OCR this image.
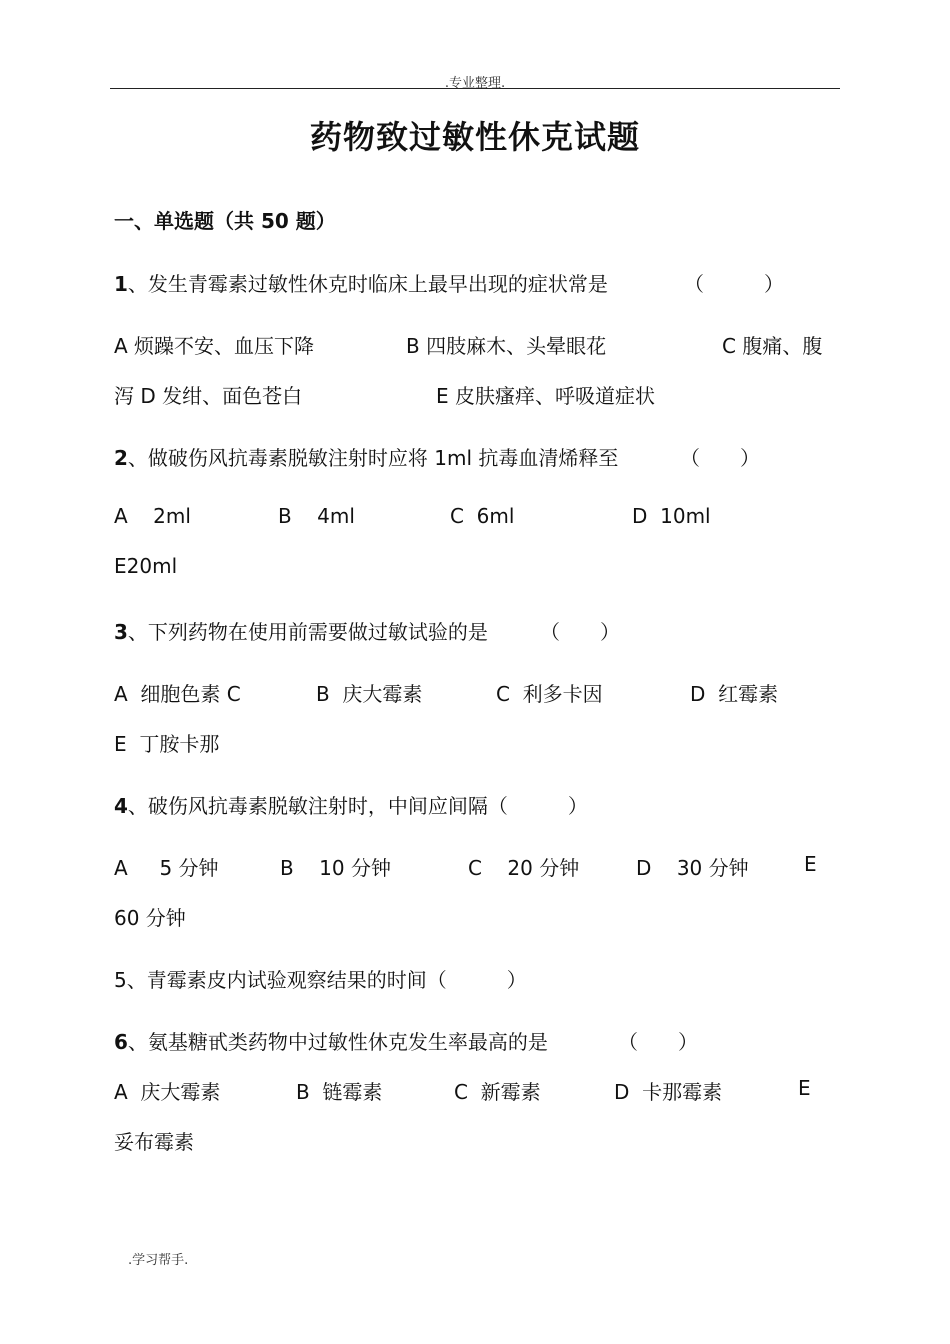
.专业整理.
药物致过敏性休克试题
一、单选题（共 50 题）
1、发生青霉素过敏性休克时临床上最早出现的症状常是	（　　　）
A 烦躁不安、血压下降	B 四肢麻木、头晕眼花	C 腹痛、腹
泻 D 发绀、面色苍白	E 皮肤瘙痒、呼吸道症状
2、做破伤风抗毒素脱敏注射时应将 1ml 抗毒血清烯释至	（　　）
A    2ml	B    4ml	C  6ml	D  10ml
E20ml
3、下列药物在使用前需要做过敏试验的是	（　　）
A  细胞色素 C	B  庆大霉素	C  利多卡因	D  红霉素
E  丁胺卡那
4、破伤风抗毒素脱敏注射时，中间应间隔（　　　）
A     5 分钟	B    10 分钟	C    20 分钟	D    30 分钟	E
60 分钟
5、青霉素皮内试验观察结果的时间（　　　）
6、氨基糖甙类药物中过敏性休克发生率最高的是	（　　）
A  庆大霉素	B  链霉素	C  新霉素	D  卡那霉素	E
妥布霉素
.学习帮手.
